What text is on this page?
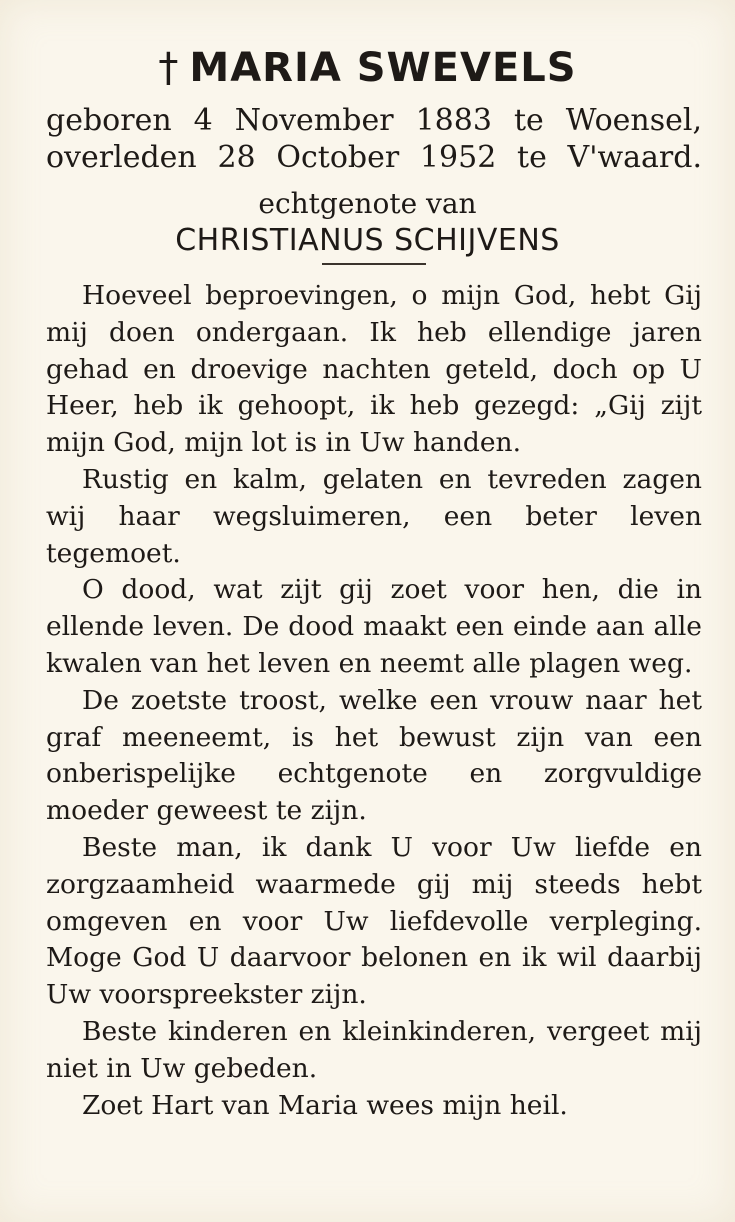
† MARIA SWEVELS
geboren 4 November 1883 te Woensel,
overleden 28 October 1952 te V'waard.
echtgenote van
CHRISTIANUS SCHIJVENS

Hoeveel beproevingen, o mijn God, hebt Gij mij doen ondergaan. Ik heb ellendige jaren gehad en droevige nachten geteld, doch op U Heer, heb ik gehoopt, ik heb gezegd: „Gij zijt mijn God, mijn lot is in Uw handen.

Rustig en kalm, gelaten en tevreden zagen wij haar wegsluimeren, een beter leven tegemoet.

O dood, wat zijt gij zoet voor hen, die in ellende leven. De dood maakt een einde aan alle kwalen van het leven en neemt alle plagen weg.

De zoetste troost, welke een vrouw naar het graf meeneemt, is het bewust zijn van een onberispelijke echtgenote en zorgvuldige moeder geweest te zijn.

Beste man, ik dank U voor Uw liefde en zorgzaamheid waarmede gij mij steeds hebt omgeven en voor Uw liefdevolle verpleging. Moge God U daarvoor belonen en ik wil daarbij Uw voorspreekster zijn.

Beste kinderen en kleinkinderen, vergeet mij niet in Uw gebeden.

Zoet Hart van Maria wees mijn heil.
